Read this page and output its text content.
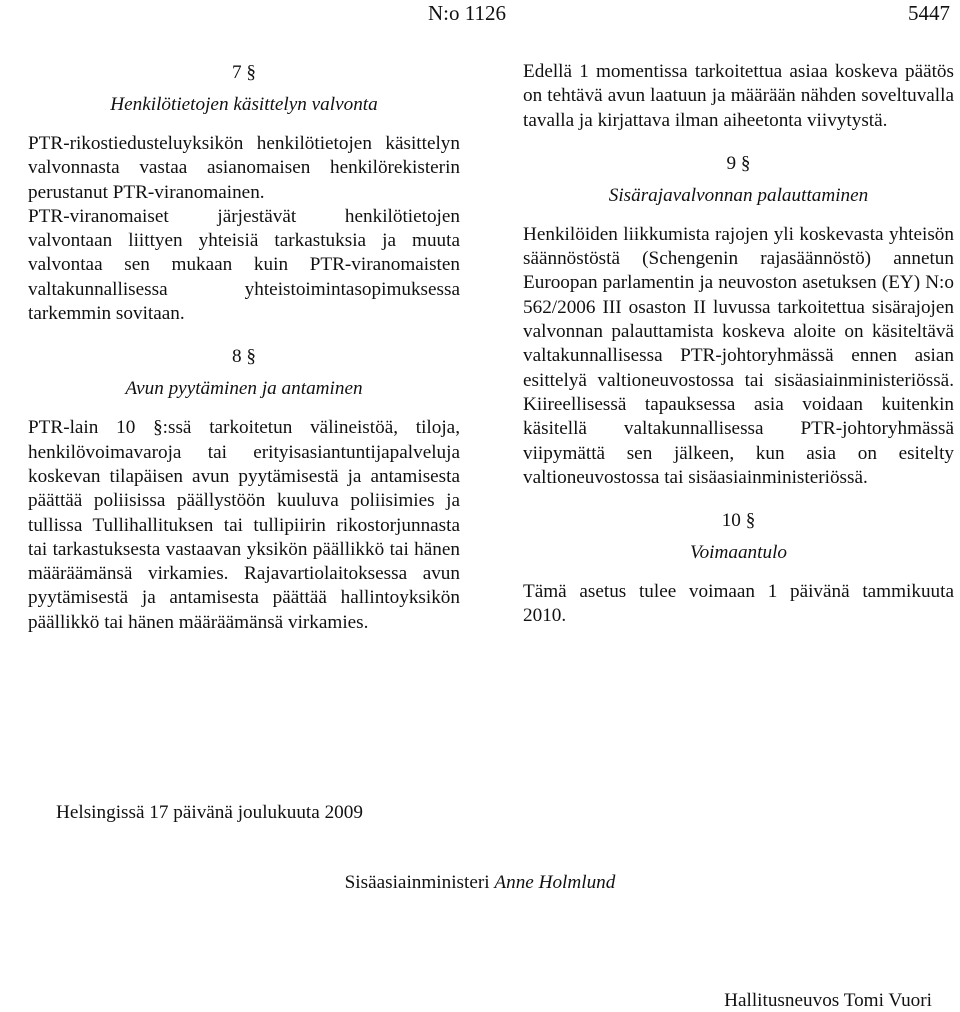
N:o 1126	5447

7 §

Henkilötietojen käsittelyn valvonta

PTR-rikostiedusteluyksikön henkilötietojen käsittelyn valvonnasta vastaa asianomaisen henkilörekisterin perustanut PTR-viranomainen.

PTR-viranomaiset järjestävät henkilötietojen valvontaan liittyen yhteisiä tarkastuksia ja muuta valvontaa sen mukaan kuin PTR-viranomaisten valtakunnallisessa yhteistoimintasopimuksessa tarkemmin sovitaan.

8 §

Avun pyytäminen ja antaminen

PTR-lain 10 §:ssä tarkoitetun välineistöä, tiloja, henkilövoimavaroja tai erityisasiantuntijapalveluja koskevan tilapäisen avun pyytämisestä ja antamisesta päättää poliisissa päällystöön kuuluva poliisimies ja tullissa Tullihallituksen tai tullipiirin rikostorjunnasta tai tarkastuksesta vastaavan yksikön päällikkö tai hänen määräämänsä virkamies. Rajavartiolaitoksessa avun pyytämisestä ja antamisesta päättää hallintoyksikön päällikkö tai hänen määräämänsä virkamies.

Edellä 1 momentissa tarkoitettua asiaa koskeva päätös on tehtävä avun laatuun ja määrään nähden soveltuvalla tavalla ja kirjattava ilman aiheetonta viivytystä.

9 §

Sisärajavalvonnan palauttaminen

Henkilöiden liikkumista rajojen yli koskevasta yhteisön säännöstöstä (Schengenin rajasäännöstö) annetun Euroopan parlamentin ja neuvoston asetuksen (EY) N:o 562/2006 III osaston II luvussa tarkoitettua sisärajojen valvonnan palauttamista koskeva aloite on käsiteltävä valtakunnallisessa PTR-johtoryhmässä ennen asian esittelyä valtioneuvostossa tai sisäasiainministeriössä. Kiireellisessä tapauksessa asia voidaan kuitenkin käsitellä valtakunnallisessa PTR-johtoryhmässä viipymättä sen jälkeen, kun asia on esitelty valtioneuvostossa tai sisäasiainministeriössä.

10 §

Voimaantulo

Tämä asetus tulee voimaan 1 päivänä tammikuuta 2010.

Helsingissä 17 päivänä joulukuuta 2009

Sisäasiainministeri Anne Holmlund

Hallitusneuvos Tomi Vuori
